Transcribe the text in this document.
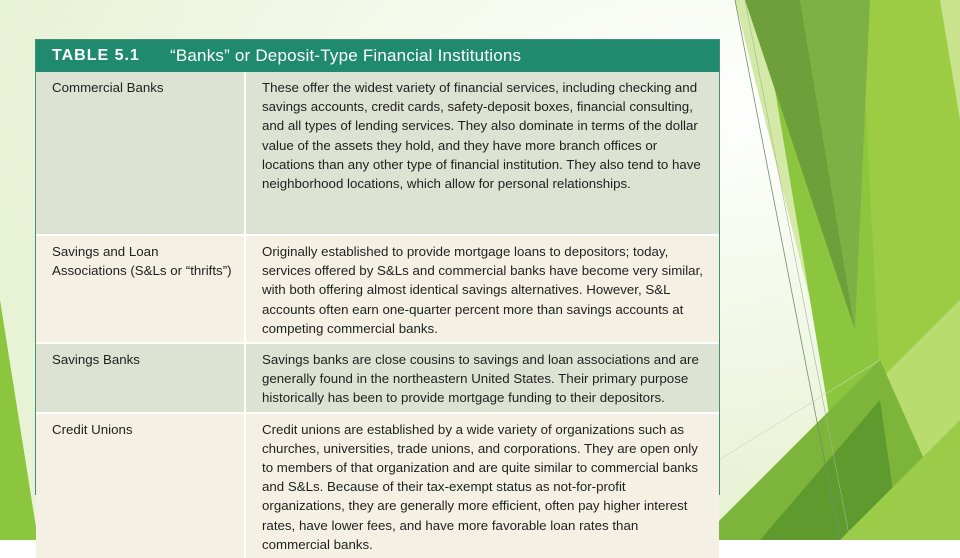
TABLE 5.1	“Banks” or Deposit-Type Financial Institutions
Commercial Banks	These offer the widest variety of financial services, including checking and savings accounts, credit cards, safety-deposit boxes, financial consulting, and all types of lending services. They also dominate in terms of the dollar value of the assets they hold, and they have more branch offices or locations than any other type of financial institution. They also tend to have neighborhood locations, which allow for personal relationships.
Savings and Loan Associations (S&Ls or “thrifts”)	Originally established to provide mortgage loans to depositors; today, services offered by S&Ls and commercial banks have become very similar, with both offering almost identical savings alternatives. However, S&L accounts often earn one-quarter percent more than savings accounts at competing commercial banks.
Savings Banks	Savings banks are close cousins to savings and loan associations and are generally found in the northeastern United States. Their primary purpose historically has been to provide mortgage funding to their depositors.
Credit Unions	Credit unions are established by a wide variety of organizations such as churches, universities, trade unions, and corporations. They are open only to members of that organization and are quite similar to commercial banks and S&Ls. Because of their tax-exempt status as not-for-profit organizations, they are generally more efficient, often pay higher interest rates, have lower fees, and have more favorable loan rates than commercial banks.
